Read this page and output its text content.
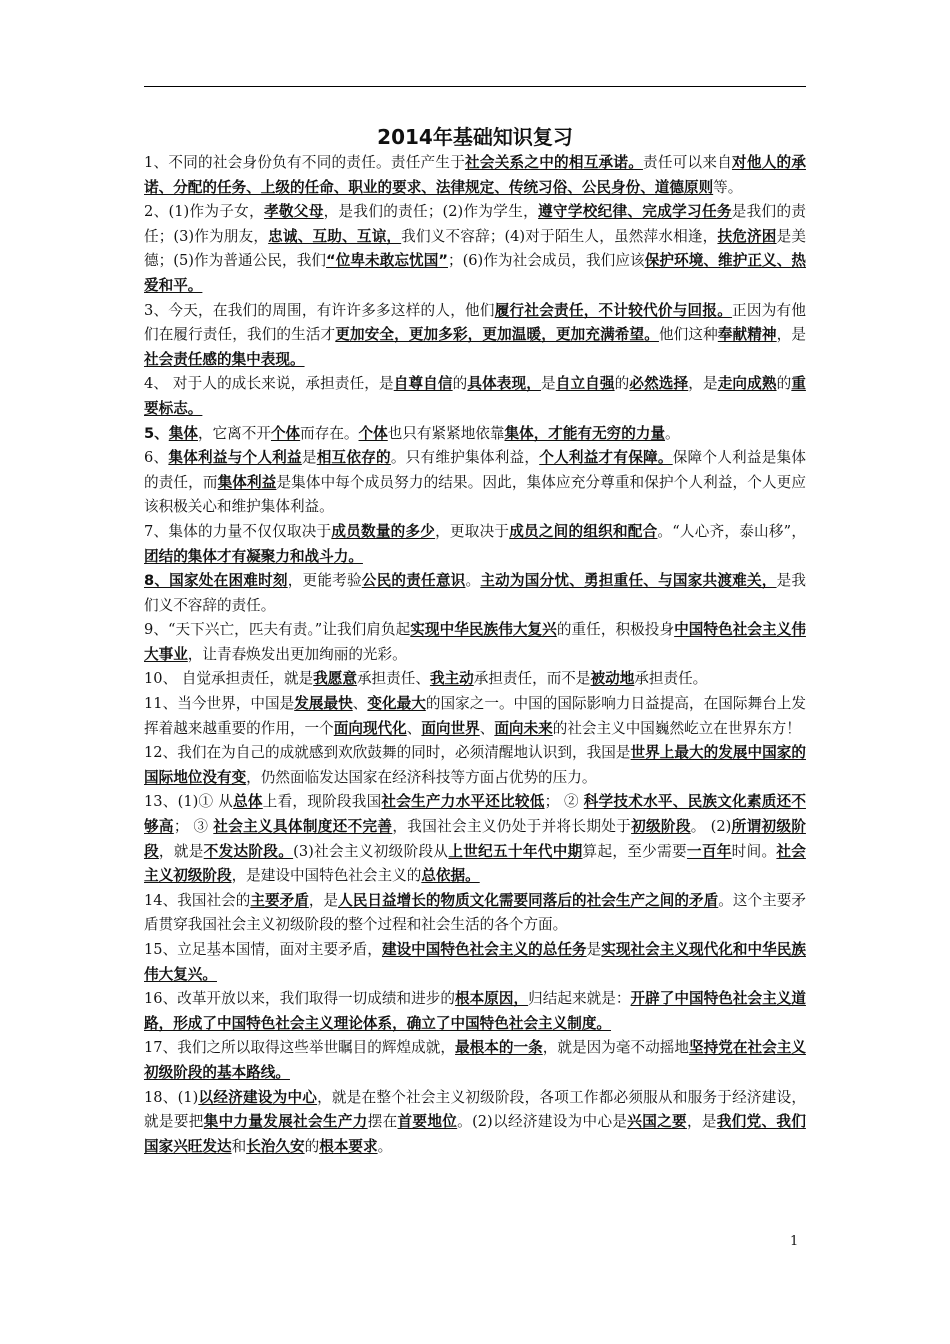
2014年基础知识复习

1、不同的社会身份负有不同的责任。责任产生于社会关系之中的相互承诺。责任可以来自对他人的承诺、分配的任务、上级的任命、职业的要求、法律规定、传统习俗、公民身份、道德原则等。

2、(1)作为子女，孝敬父母，是我们的责任；(2)作为学生，遵守学校纪律、完成学习任务是我们的责任；(3)作为朋友，忠诚、互助、互谅，我们义不容辞；(4)对于陌生人，虽然萍水相逢，扶危济困是美德；(5)作为普通公民，我们“位卑未敢忘忧国”；(6)作为社会成员，我们应该保护环境、维护正义、热爱和平。

3、今天，在我们的周围，有许许多多这样的人，他们履行社会责任，不计较代价与回报。正因为有他们在履行责任，我们的生活才更加安全，更加多彩，更加温暖，更加充满希望。他们这种奉献精神，是社会责任感的集中表现。

4、 对于人的成长来说，承担责任，是自尊自信的具体表现，是自立自强的必然选择，是走向成熟的重要标志。

5、集体，它离不开个体而存在。个体也只有紧紧地依靠集体，才能有无穷的力量。

6、集体利益与个人利益是相互依存的。只有维护集体利益，个人利益才有保障。保障个人利益是集体的责任，而集体利益是集体中每个成员努力的结果。因此，集体应充分尊重和保护个人利益，个人更应该积极关心和维护集体利益。

7、集体的力量不仅仅取决于成员数量的多少，更取决于成员之间的组织和配合。“人心齐，泰山移”，团结的集体才有凝聚力和战斗力。

8、国家处在困难时刻，更能考验公民的责任意识。主动为国分忧、勇担重任、与国家共渡难关，是我们义不容辞的责任。

9、“天下兴亡，匹夫有责。”让我们肩负起实现中华民族伟大复兴的重任，积极投身中国特色社会主义伟大事业，让青春焕发出更加绚丽的光彩。

10、 自觉承担责任，就是我愿意承担责任、我主动承担责任，而不是被动地承担责任。

11、当今世界，中国是发展最快、变化最大的国家之一。中国的国际影响力日益提高，在国际舞台上发挥着越来越重要的作用，一个面向现代化、面向世界、面向未来的社会主义中国巍然屹立在世界东方！

12、我们在为自己的成就感到欢欣鼓舞的同时，必须清醒地认识到，我国是世界上最大的发展中国家的国际地位没有变，仍然面临发达国家在经济科技等方面占优势的压力。

13、(1)① 从总体上看，现阶段我国社会生产力水平还比较低； ② 科学技术水平、民族文化素质还不够高； ③ 社会主义具体制度还不完善，我国社会主义仍处于并将长期处于初级阶段。 (2)所谓初级阶段，就是不发达阶段。(3)社会主义初级阶段从上世纪五十年代中期算起，至少需要一百年时间。社会主义初级阶段，是建设中国特色社会主义的总依据。

14、我国社会的主要矛盾，是人民日益增长的物质文化需要同落后的社会生产之间的矛盾。这个主要矛盾贯穿我国社会主义初级阶段的整个过程和社会生活的各个方面。

15、立足基本国情，面对主要矛盾，建设中国特色社会主义的总任务是实现社会主义现代化和中华民族伟大复兴。

16、改革开放以来，我们取得一切成绩和进步的根本原因，归结起来就是：开辟了中国特色社会主义道路，形成了中国特色社会主义理论体系，确立了中国特色社会主义制度。

17、我们之所以取得这些举世瞩目的辉煌成就，最根本的一条，就是因为毫不动摇地坚持党在社会主义初级阶段的基本路线。

18、(1)以经济建设为中心，就是在整个社会主义初级阶段，各项工作都必须服从和服务于经济建设，就是要把集中力量发展社会生产力摆在首要地位。(2)以经济建设为中心是兴国之要，是我们党、我们国家兴旺发达和长治久安的根本要求。

1
